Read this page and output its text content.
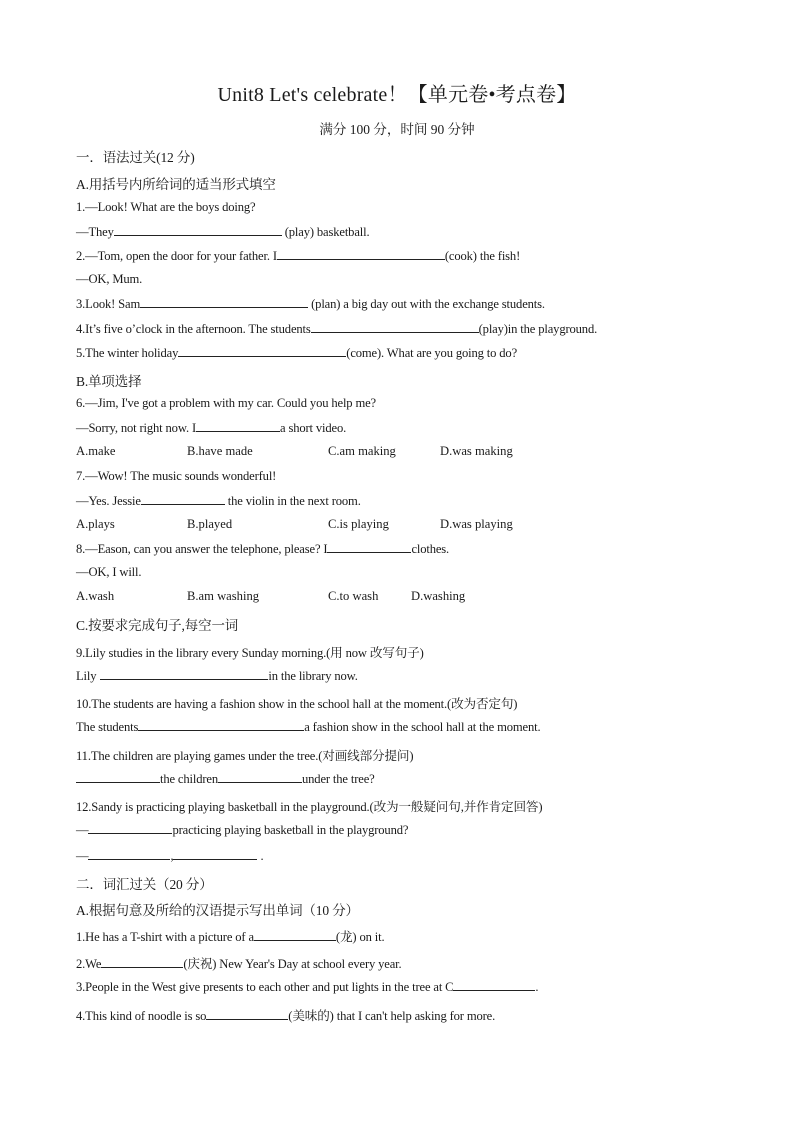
Unit8 Let's celebrate！【单元卷•考点卷】
满分 100 分，时间 90 分钟
一．语法过关(12 分)
A.用括号内所给词的适当形式填空
1.—Look! What are the boys doing?
—They	(play) basketball.
2.—Tom, open the door for your father. I	(cook) the fish!
—OK, Mum.
3.Look! Sam	(plan) a big day out with the exchange students.
4.It’s five o’clock in the afternoon. The students	(play)in the playground.
5.The winter holiday	(come). What are you going to do?
B.单项选择
6.—Jim, I've got a problem with my car. Could you help me?
—Sorry, not right now. I	a short video.
A.make	B.have made	C.am making	D.was making
7.—Wow! The music sounds wonderful!
—Yes. Jessie	the violin in the next room.
A.plays	B.played	C.is playing	D.was playing
8.—Eason, can you answer the telephone, please? I	clothes.
—OK, I will.
A.wash	B.am washing	C.to wash	D.washing
C.按要求完成句子,每空一词
9.Lily studies in the library every Sunday morning.(用 now 改写句子)
Lily	in the library now.
10.The students are having a fashion show in the school hall at the moment.(改为否定句)
The students	a fashion show in the school hall at the moment.
11.The children are playing games under the tree.(对画线部分提问)
the children	under the tree?
12.Sandy is practicing playing basketball in the playground.(改为一般疑问句,并作肯定回答)
—	practicing playing basketball in the playground?
—	,	.
二．词汇过关（20 分）
A.根据句意及所给的汉语提示写出单词（10 分）
1.He has a T-shirt with a picture of a	(龙) on it.
2.We	(庆祝) New Year's Day at school every year.
3.People in the West give presents to each other and put lights in the tree at C	.
4.This kind of noodle is so	(美味的) that I can't help asking for more.
